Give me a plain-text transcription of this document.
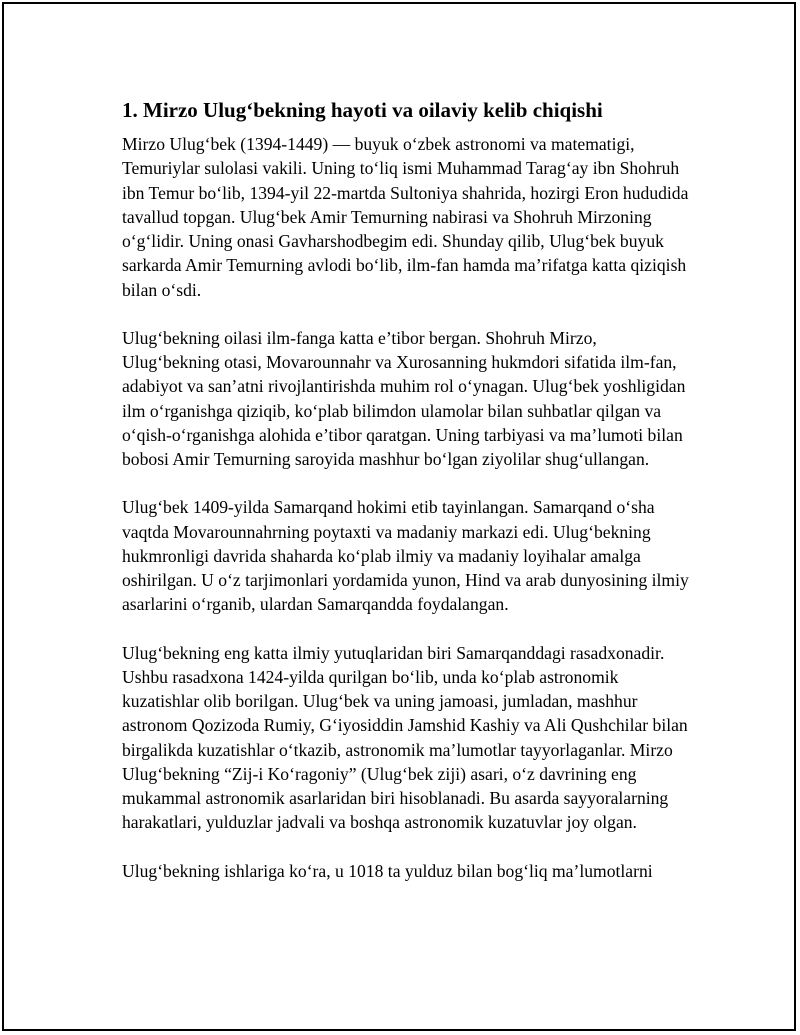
1. Mirzo Ulug‘bekning hayoti va oilaviy kelib chiqishi

Mirzo Ulug‘bek (1394-1449) — buyuk o‘zbek astronomi va matematigi, Temuriylar sulolasi vakili. Uning to‘liq ismi Muhammad Tarag‘ay ibn Shohruh ibn Temur bo‘lib, 1394-yil 22-martda Sultoniya shahrida, hozirgi Eron hududida tavallud topgan. Ulug‘bek Amir Temurning nabirasi va Shohruh Mirzoning o‘g‘lidir. Uning onasi Gavharshodbegim edi. Shunday qilib, Ulug‘bek buyuk sarkarda Amir Temurning avlodi bo‘lib, ilm-fan hamda ma’rifatga katta qiziqish bilan o‘sdi.

Ulug‘bekning oilasi ilm-fanga katta e’tibor bergan. Shohruh Mirzo, Ulug‘bekning otasi, Movarounnahr va Xurosanning hukmdori sifatida ilm-fan, adabiyot va san’atni rivojlantirishda muhim rol o‘ynagan. Ulug‘bek yoshligidan ilm o‘rganishga qiziqib, ko‘plab bilimdon ulamolar bilan suhbatlar qilgan va o‘qish-o‘rganishga alohida e’tibor qaratgan. Uning tarbiyasi va ma’lumoti bilan bobosi Amir Temurning saroyida mashhur bo‘lgan ziyolilar shug‘ullangan.

Ulug‘bek 1409-yilda Samarqand hokimi etib tayinlangan. Samarqand o‘sha vaqtda Movarounnahrning poytaxti va madaniy markazi edi. Ulug‘bekning hukmronligi davrida shaharda ko‘plab ilmiy va madaniy loyihalar amalga oshirilgan. U o‘z tarjimonlari yordamida yunon, Hind va arab dunyosining ilmiy asarlarini o‘rganib, ulardan Samarqandda foydalangan.

Ulug‘bekning eng katta ilmiy yutuqlaridan biri Samarqanddagi rasadxonadir. Ushbu rasadxona 1424-yilda qurilgan bo‘lib, unda ko‘plab astronomik kuzatishlar olib borilgan. Ulug‘bek va uning jamoasi, jumladan, mashhur astronom Qozizoda Rumiy, G‘iyosiddin Jamshid Kashiy va Ali Qushchilar bilan birgalikda kuzatishlar o‘tkazib, astronomik ma’lumotlar tayyorlaganlar. Mirzo Ulug‘bekning “Zij-i Ko‘ragoniy” (Ulug‘bek ziji) asari, o‘z davrining eng mukammal astronomik asarlaridan biri hisoblanadi. Bu asarda sayyoralarning harakatlari, yulduzlar jadvali va boshqa astronomik kuzatuvlar joy olgan.

Ulug‘bekning ishlariga ko‘ra, u 1018 ta yulduz bilan bog‘liq ma’lumotlarni
